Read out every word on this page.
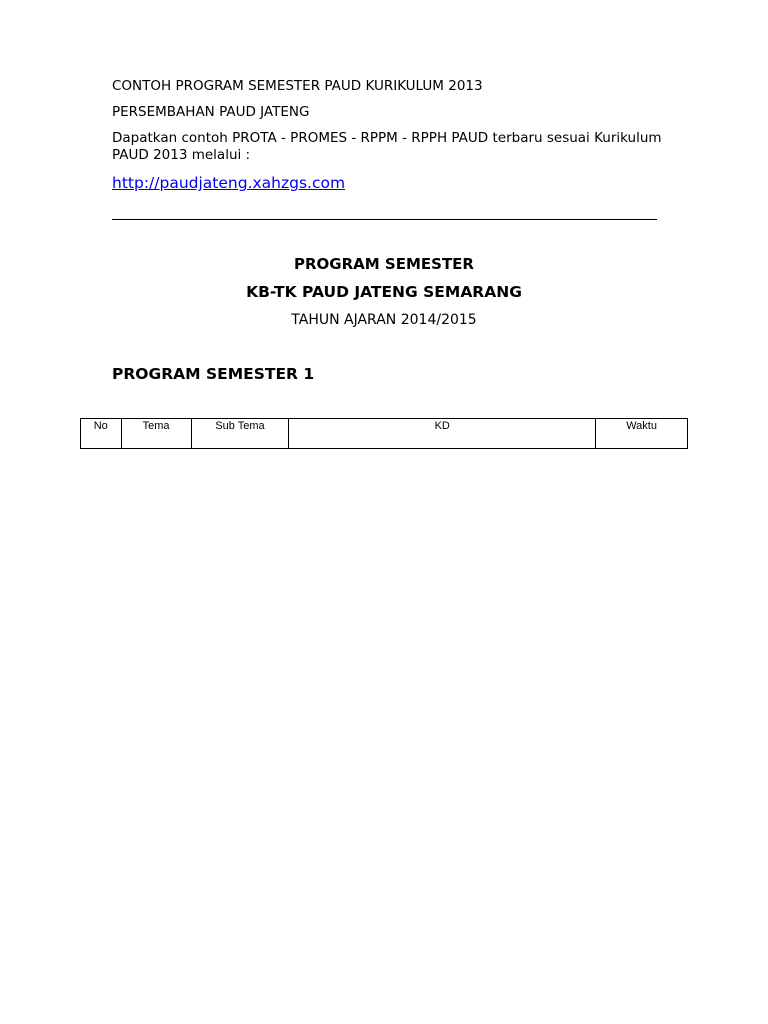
CONTOH PROGRAM SEMESTER PAUD KURIKULUM 2013
PERSEMBAHAN PAUD JATENG
Dapatkan contoh PROTA - PROMES - RPPM - RPPH PAUD terbaru sesuai Kurikulum
PAUD 2013 melalui :
http://paudjateng.xahzgs.com
PROGRAM SEMESTER
KB-TK PAUD JATENG SEMARANG
TAHUN AJARAN 2014/2015
PROGRAM SEMESTER 1
No	Tema	Sub Tema	KD	Waktu
